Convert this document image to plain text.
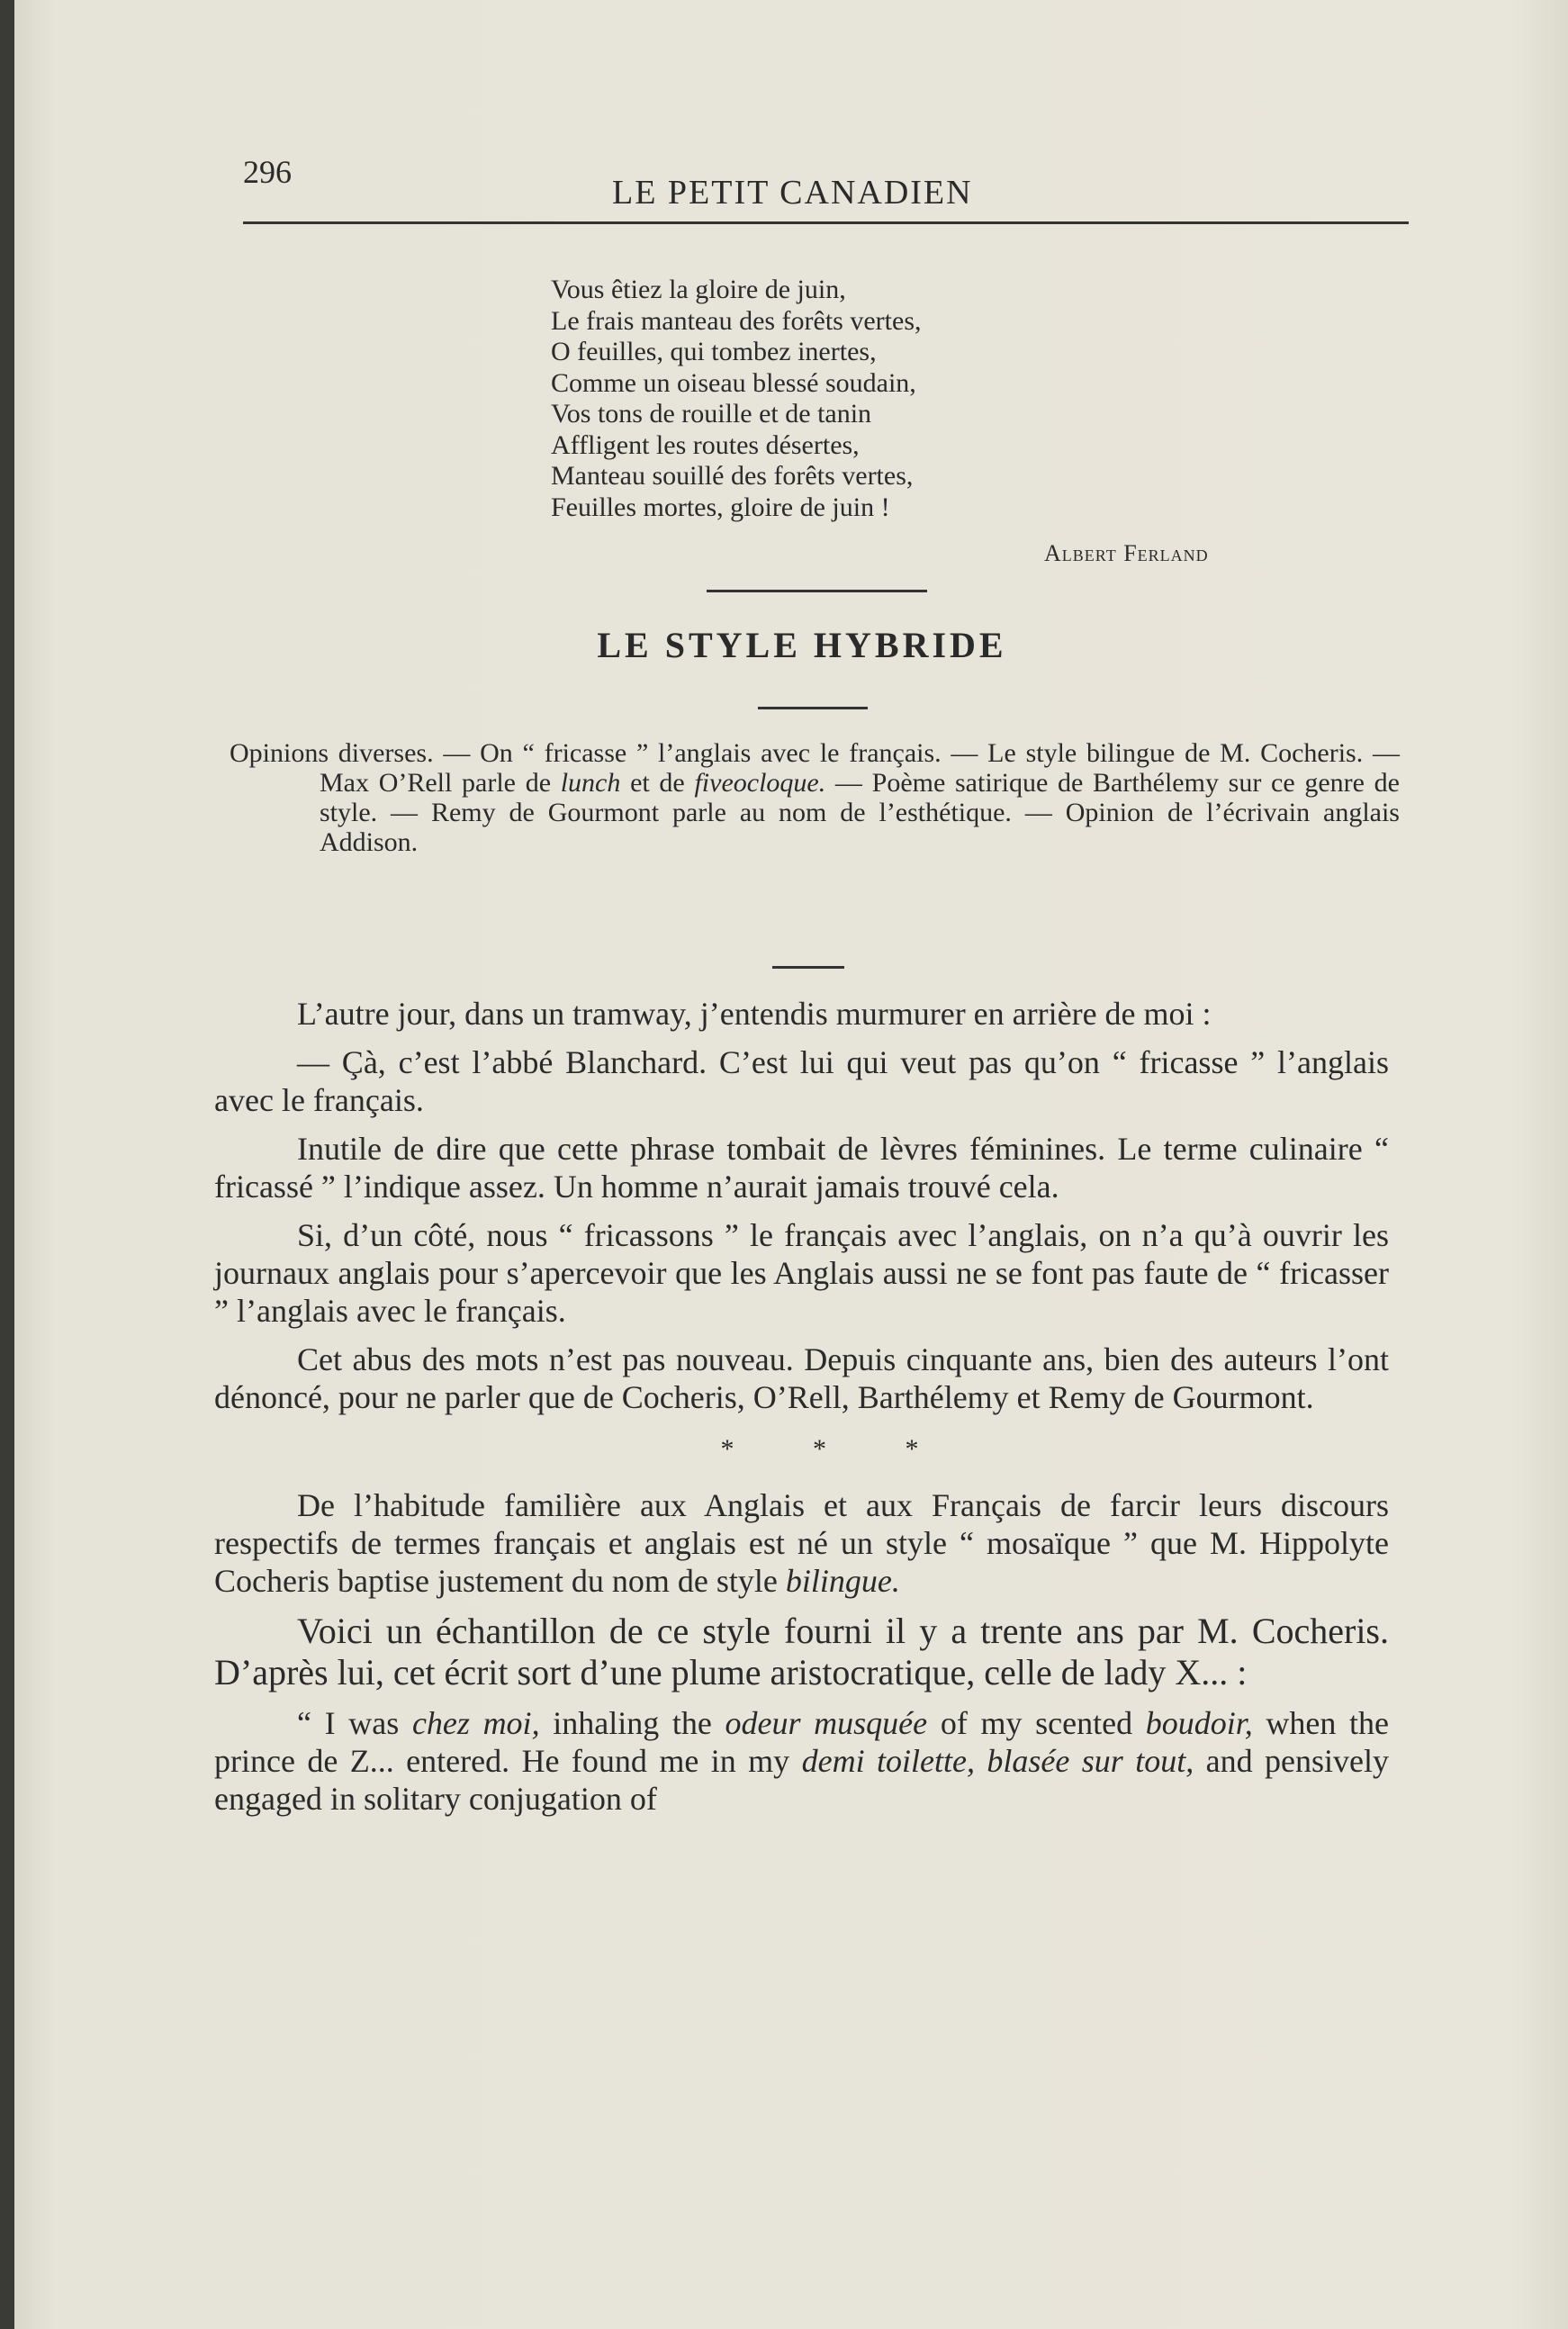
296
LE PETIT CANADIEN
Vous êtiez la gloire de juin,
Le frais manteau des forêts vertes,
O feuilles, qui tombez inertes,
Comme un oiseau blessé soudain,
Vos tons de rouille et de tanin
Affligent les routes désertes,
Manteau souillé des forêts vertes,
Feuilles mortes, gloire de juin !
Albert Ferland
LE STYLE HYBRIDE

Opinions diverses. — On “ fricasse ” l’anglais avec le français. — Le style bilingue de M. Cocheris. — Max O’Rell parle de lunch et de fiveocloque. — Poème satirique de Barthélemy sur ce genre de style. — Remy de Gourmont parle au nom de l’esthétique. — Opinion de l’écrivain anglais Addison.

L’autre jour, dans un tramway, j’entendis murmurer en arrière de moi :

— Çà, c’est l’abbé Blanchard. C’est lui qui veut pas qu’on “ fricasse ” l’anglais avec le français.

Inutile de dire que cette phrase tombait de lèvres féminines. Le terme culinaire “ fricassé ” l’indique assez. Un homme n’aurait jamais trouvé cela.

Si, d’un côté, nous “ fricassons ” le français avec l’anglais, on n’a qu’à ouvrir les journaux anglais pour s’apercevoir que les Anglais aussi ne se font pas faute de “ fricasser ” l’anglais avec le français.

Cet abus des mots n’est pas nouveau. Depuis cinquante ans, bien des auteurs l’ont dénoncé, pour ne parler que de Cocheris, O’Rell, Barthélemy et Remy de Gourmont.

* * *

De l’habitude familière aux Anglais et aux Français de farcir leurs discours respectifs de termes français et anglais est né un style “ mosaïque ” que M. Hippolyte Cocheris baptise justement du nom de style bilingue.

Voici un échantillon de ce style fourni il y a trente ans par M. Cocheris. D’après lui, cet écrit sort d’une plume aristocratique, celle de lady X... :

“ I was chez moi, inhaling the odeur musquée of my scented boudoir, when the prince de Z... entered. He found me in my demi toilette, blasée sur tout, and pensively engaged in solitary conjugation of
